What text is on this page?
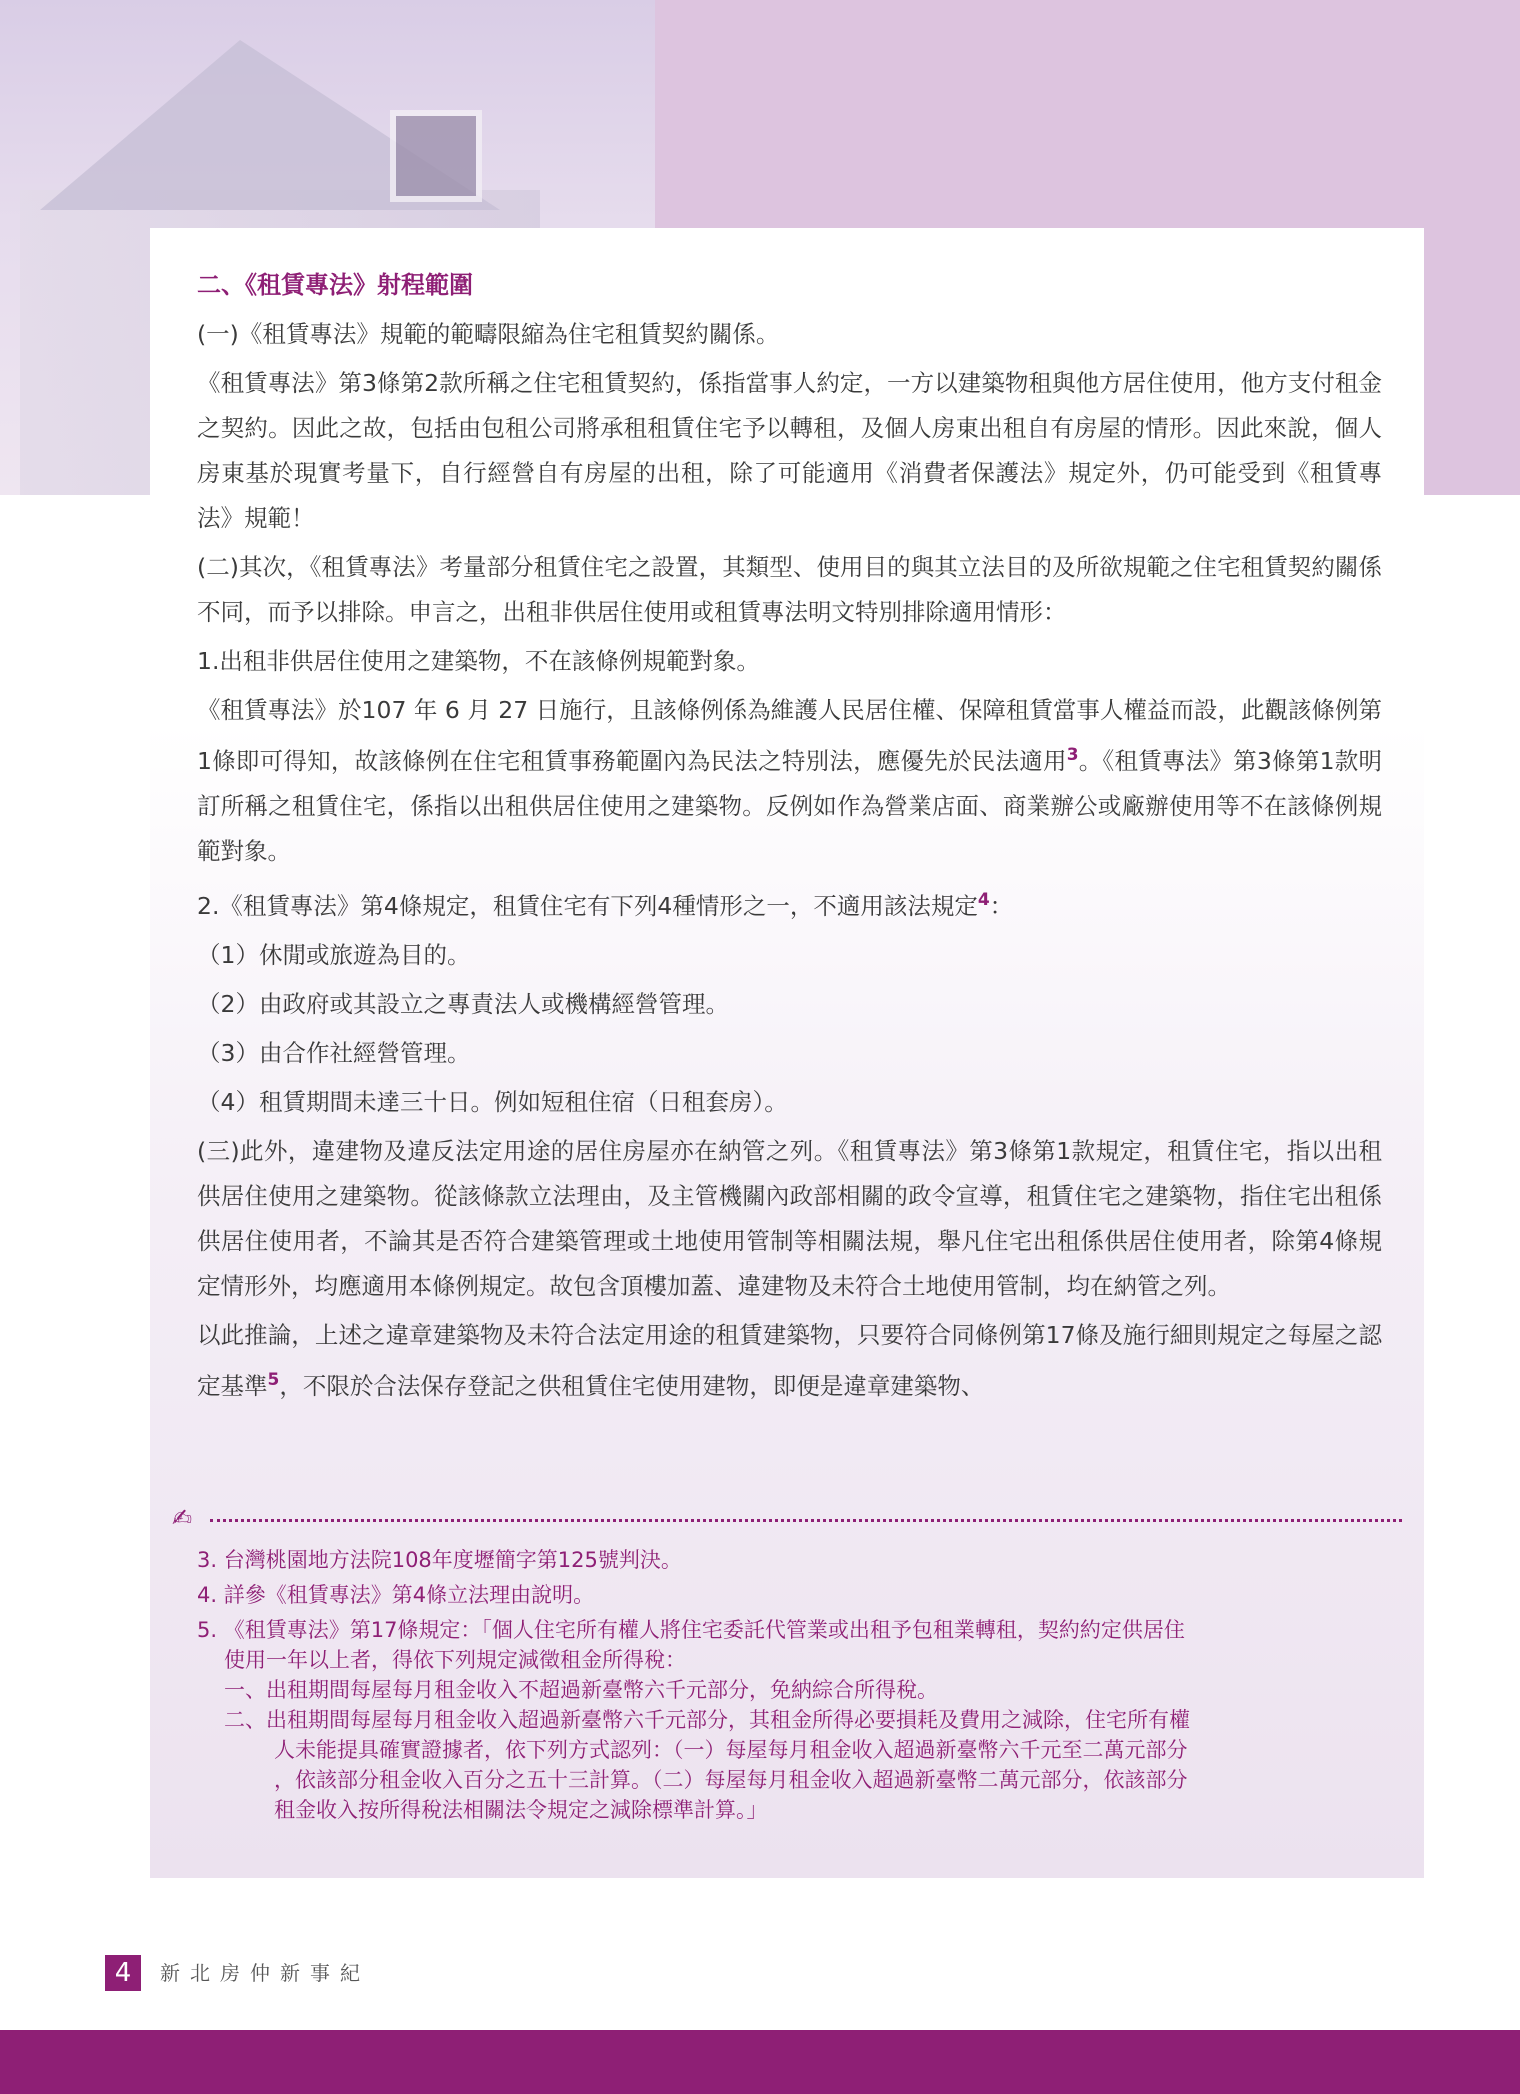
二、《租賃專法》射程範圍

(一)《租賃專法》規範的範疇限縮為住宅租賃契約關係。

《租賃專法》第3條第2款所稱之住宅租賃契約，係指當事人約定，一方以建築物租與他方居住使用，他方支付租金之契約。因此之故，包括由包租公司將承租租賃住宅予以轉租，及個人房東出租自有房屋的情形。因此來說，個人房東基於現實考量下，自行經營自有房屋的出租，除了可能適用《消費者保護法》規定外，仍可能受到《租賃專法》規範！

(二)其次，《租賃專法》考量部分租賃住宅之設置，其類型、使用目的與其立法目的及所欲規範之住宅租賃契約關係不同，而予以排除。申言之，出租非供居住使用或租賃專法明文特別排除適用情形：

1.出租非供居住使用之建築物，不在該條例規範對象。

《租賃專法》於107 年 6 月 27 日施行，且該條例係為維護人民居住權、保障租賃當事人權益而設，此觀該條例第 1條即可得知，故該條例在住宅租賃事務範圍內為民法之特別法，應優先於民法適用$^3$。《租賃專法》第3條第1款明訂所稱之租賃住宅，係指以出租供居住使用之建築物。反例如作為營業店面、商業辦公或廠辦使用等不在該條例規範對象。

2.《租賃專法》第4條規定，租賃住宅有下列4種情形之一，不適用該法規定$^4$：

（1）休閒或旅遊為目的。

（2）由政府或其設立之專責法人或機構經營管理。

（3）由合作社經營管理。

（4）租賃期間未達三十日。例如短租住宿（日租套房）。

(三)此外，違建物及違反法定用途的居住房屋亦在納管之列。《租賃專法》第3條第1款規定，租賃住宅，指以出租供居住使用之建築物。從該條款立法理由，及主管機關內政部相關的政令宣導，租賃住宅之建築物，指住宅出租係供居住使用者，不論其是否符合建築管理或土地使用管制等相關法規，舉凡住宅出租係供居住使用者，除第4條規定情形外，均應適用本條例規定。故包含頂樓加蓋、違建物及未符合土地使用管制，均在納管之列。

以此推論，上述之違章建築物及未符合法定用途的租賃建築物，只要符合同條例第17條及施行細則規定之每屋之認定基準$^5$，不限於合法保存登記之供租賃住宅使用建物，即便是違章建築物、

✍
3. 台灣桃園地方法院108年度壢簡字第125號判決。
4. 詳參《租賃專法》第4條立法理由說明。
5. 《租賃專法》第17條規定：「個人住宅所有權人將住宅委託代管業或出租予包租業轉租，契約約定供居住
使用一年以上者，得依下列規定減徵租金所得稅：
一、出租期間每屋每月租金收入不超過新臺幣六千元部分，免納綜合所得稅。
二、出租期間每屋每月租金收入超過新臺幣六千元部分，其租金所得必要損耗及費用之減除，住宅所有權
人未能提具確實證據者，依下列方式認列：（一）每屋每月租金收入超過新臺幣六千元至二萬元部分
，依該部分租金收入百分之五十三計算。（二）每屋每月租金收入超過新臺幣二萬元部分，依該部分
租金收入按所得稅法相關法令規定之減除標準計算。」
4	新北房仲新事紀
